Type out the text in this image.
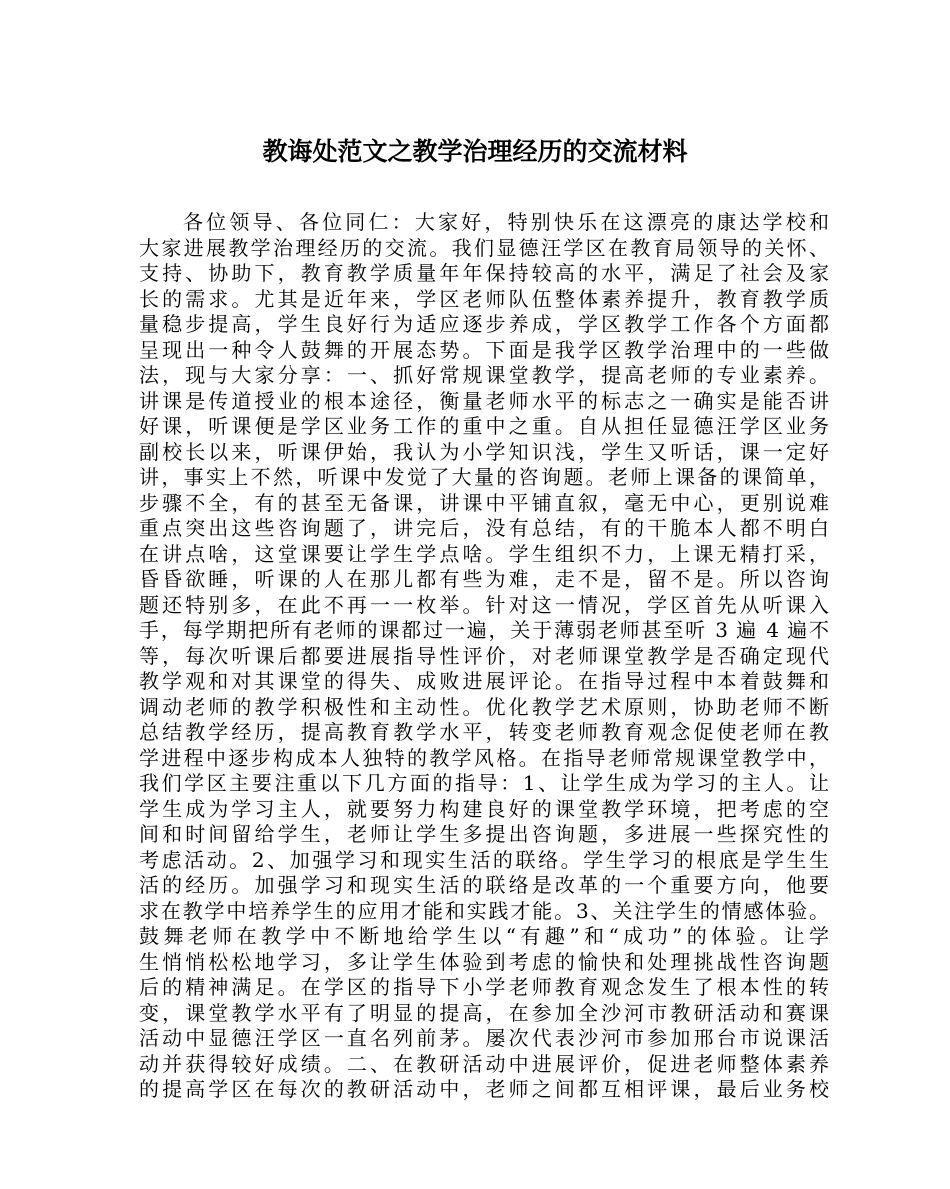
教诲处范文之教学治理经历的交流材料
各位领导、各位同仁：大家好，特别快乐在这漂亮的康达学校和
大家进展教学治理经历的交流。我们显德汪学区在教育局领导的关怀、
支持、协助下，教育教学质量年年保持较高的水平，满足了社会及家
长的需求。尤其是近年来，学区老师队伍整体素养提升，教育教学质
量稳步提高，学生良好行为适应逐步养成，学区教学工作各个方面都
呈现出一种令人鼓舞的开展态势。下面是我学区教学治理中的一些做
法，现与大家分享：一、抓好常规课堂教学，提高老师的专业素养。
讲课是传道授业的根本途径，衡量老师水平的标志之一确实是能否讲
好课，听课便是学区业务工作的重中之重。自从担任显德汪学区业务
副校长以来，听课伊始，我认为小学知识浅，学生又听话，课一定好
讲，事实上不然，听课中发觉了大量的咨询题。老师上课备的课简单，
步骤不全，有的甚至无备课，讲课中平铺直叙，毫无中心，更别说难
重点突出这些咨询题了，讲完后，没有总结，有的干脆本人都不明白
在讲点啥，这堂课要让学生学点啥。学生组织不力，上课无精打采，
昏昏欲睡，听课的人在那儿都有些为难，走不是，留不是。所以咨询
题还特别多，在此不再一一枚举。针对这一情况，学区首先从听课入
手，每学期把所有老师的课都过一遍，关于薄弱老师甚至听 3 遍 4 遍不
等，每次听课后都要进展指导性评价，对老师课堂教学是否确定现代
教学观和对其课堂的得失、成败进展评论。在指导过程中本着鼓舞和
调动老师的教学积极性和主动性。优化教学艺术原则，协助老师不断
总结教学经历，提高教育教学水平，转变老师教育观念促使老师在教
学进程中逐步构成本人独特的教学风格。在指导老师常规课堂教学中，
我们学区主要注重以下几方面的指导：1、让学生成为学习的主人。让
学生成为学习主人，就要努力构建良好的课堂教学环境，把考虑的空
间和时间留给学生，老师让学生多提出咨询题，多进展一些探究性的
考虑活动。2、加强学习和现实生活的联络。学生学习的根底是学生生
活的经历。加强学习和现实生活的联络是改革的一个重要方向，他要
求在教学中培养学生的应用才能和实践才能。3、关注学生的情感体验。
鼓舞老师在教学中不断地给学生以“有趣”和“成功”的体验。让学
生悄悄松松地学习，多让学生体验到考虑的愉快和处理挑战性咨询题
后的精神满足。在学区的指导下小学老师教育观念发生了根本性的转
变，课堂教学水平有了明显的提高，在参加全沙河市教研活动和赛课
活动中显德汪学区一直名列前茅。屡次代表沙河市参加邢台市说课活
动并获得较好成绩。二、在教研活动中进展评价，促进老师整体素养
的提高学区在每次的教研活动中，老师之间都互相评课，最后业务校
